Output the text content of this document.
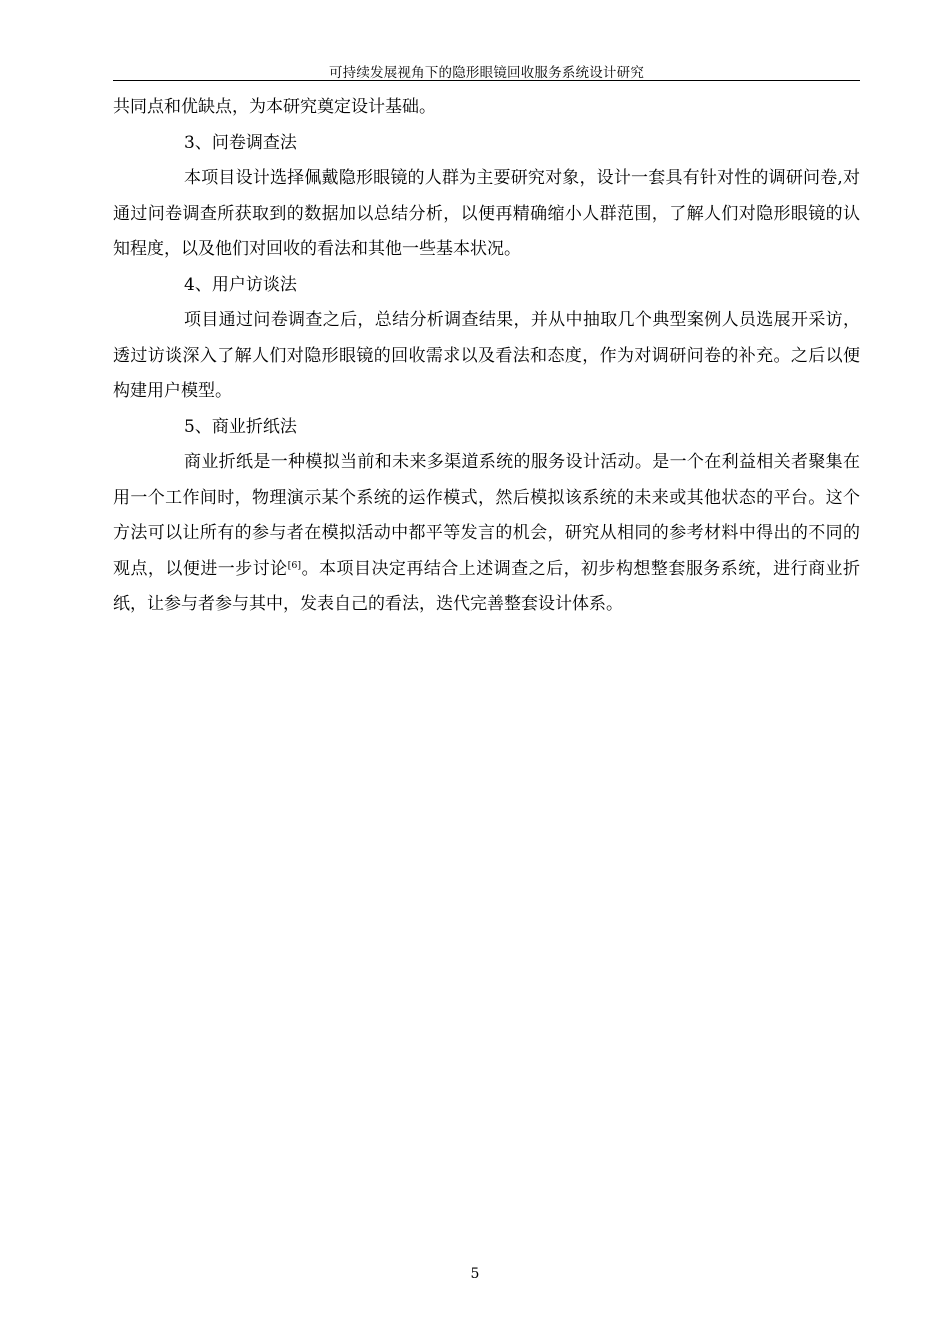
可持续发展视角下的隐形眼镜回收服务系统设计研究

共同点和优缺点，为本研究奠定设计基础。

3、问卷调查法

本项目设计选择佩戴隐形眼镜的人群为主要研究对象，设计一套具有针对性的调研问卷,对通过问卷调查所获取到的数据加以总结分析，以便再精确缩小人群范围，了解人们对隐形眼镜的认知程度，以及他们对回收的看法和其他一些基本状况。

4、用户访谈法

项目通过问卷调查之后，总结分析调查结果，并从中抽取几个典型案例人员选展开采访，透过访谈深入了解人们对隐形眼镜的回收需求以及看法和态度，作为对调研问卷的补充。之后以便构建用户模型。

5、商业折纸法

商业折纸是一种模拟当前和未来多渠道系统的服务设计活动。是一个在利益相关者聚集在用一个工作间时，物理演示某个系统的运作模式，然后模拟该系统的未来或其他状态的平台。这个方法可以让所有的参与者在模拟活动中都平等发言的机会，研究从相同的参考材料中得出的不同的观点，以便进一步讨论[6]。本项目决定再结合上述调查之后，初步构想整套服务系统，进行商业折纸，让参与者参与其中，发表自己的看法，迭代完善整套设计体系。

5
